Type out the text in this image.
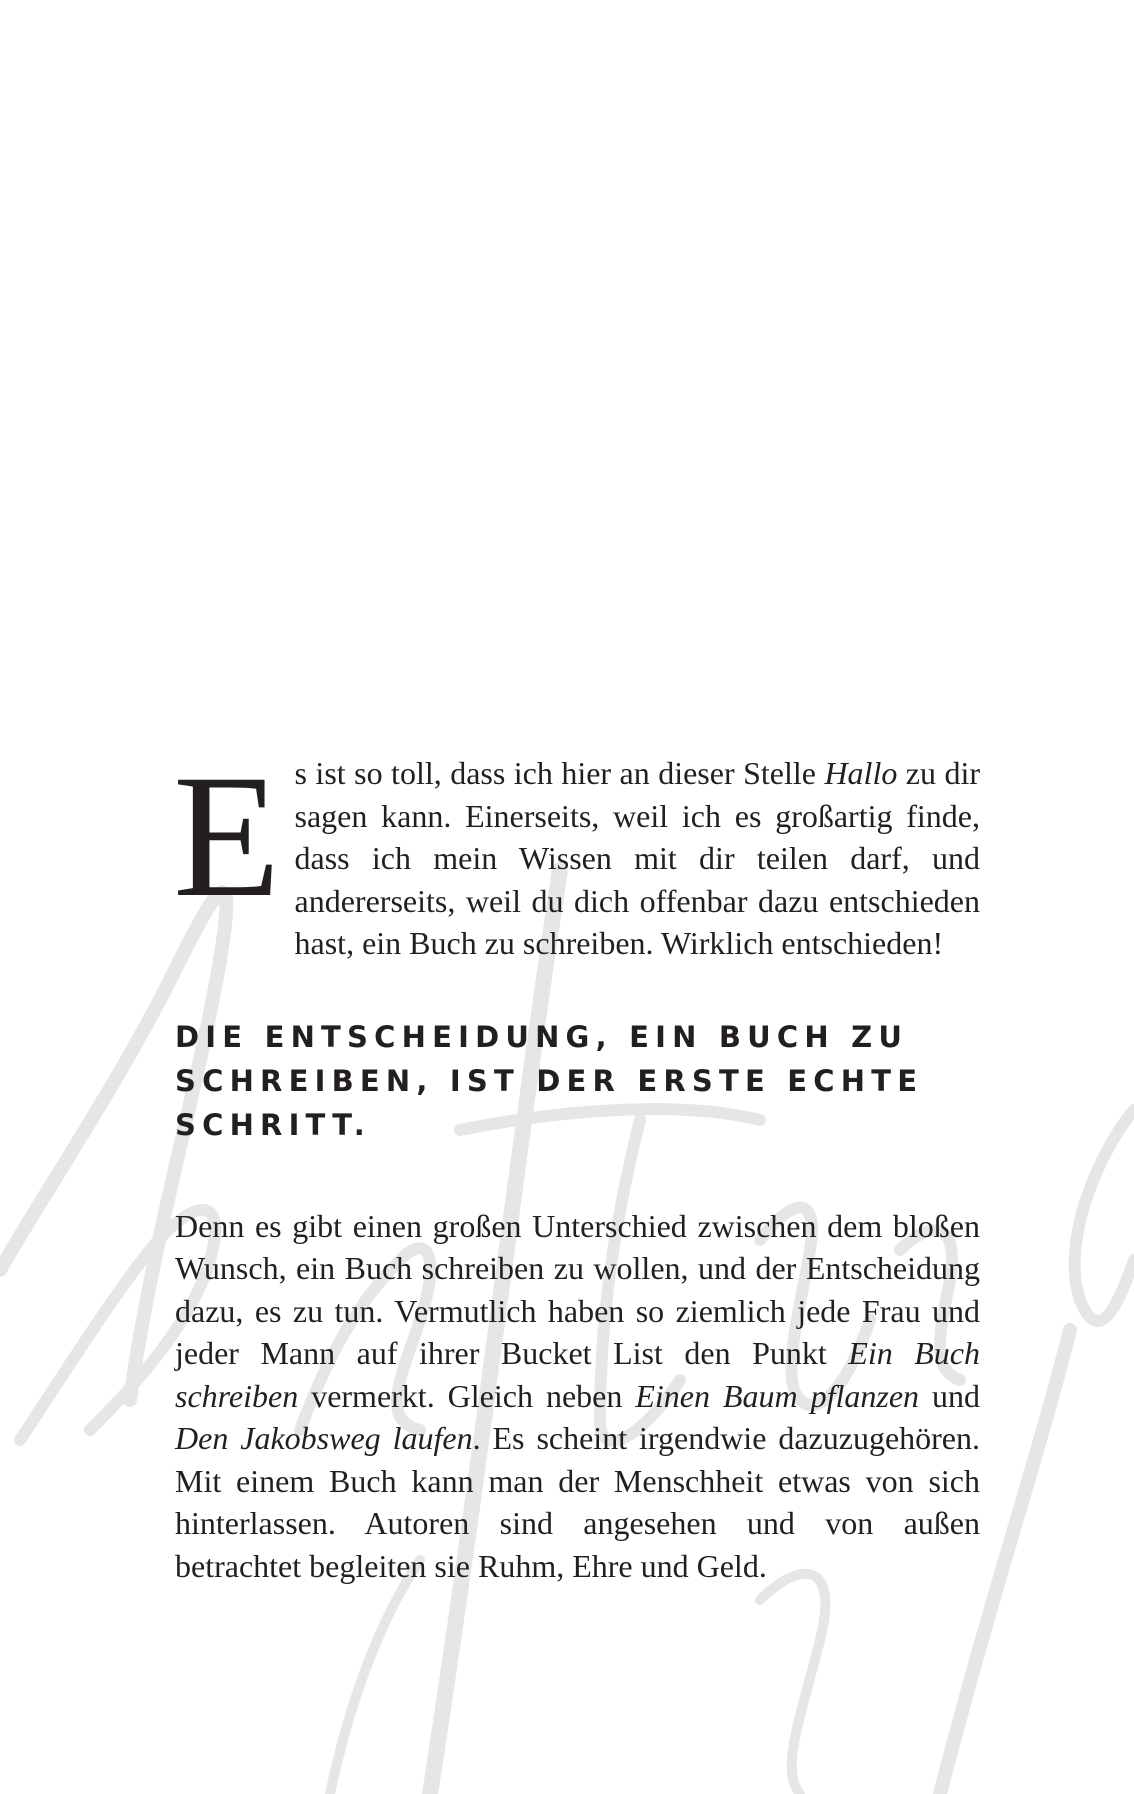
Es ist so toll, dass ich hier an dieser Stelle Hallo zu dir sagen kann. Einerseits, weil ich es großartig finde, dass ich mein Wissen mit dir teilen darf, und andererseits, weil du dich offenbar dazu entschieden hast, ein Buch zu schreiben. Wirklich entschieden!

DIE ENTSCHEIDUNG, EIN BUCH ZU SCHREIBEN, IST DER ERSTE ECHTE SCHRITT.

Denn es gibt einen großen Unterschied zwischen dem bloßen Wunsch, ein Buch schreiben zu wollen, und der Entscheidung dazu, es zu tun. Vermutlich haben so ziemlich jede Frau und jeder Mann auf ihrer Bucket List den Punkt Ein Buch schreiben vermerkt. Gleich neben Einen Baum pflanzen und Den Jakobsweg laufen. Es scheint irgendwie dazuzugehören. Mit einem Buch kann man der Menschheit etwas von sich hinterlassen. Autoren sind angesehen und von außen betrachtet begleiten sie Ruhm, Ehre und Geld.
